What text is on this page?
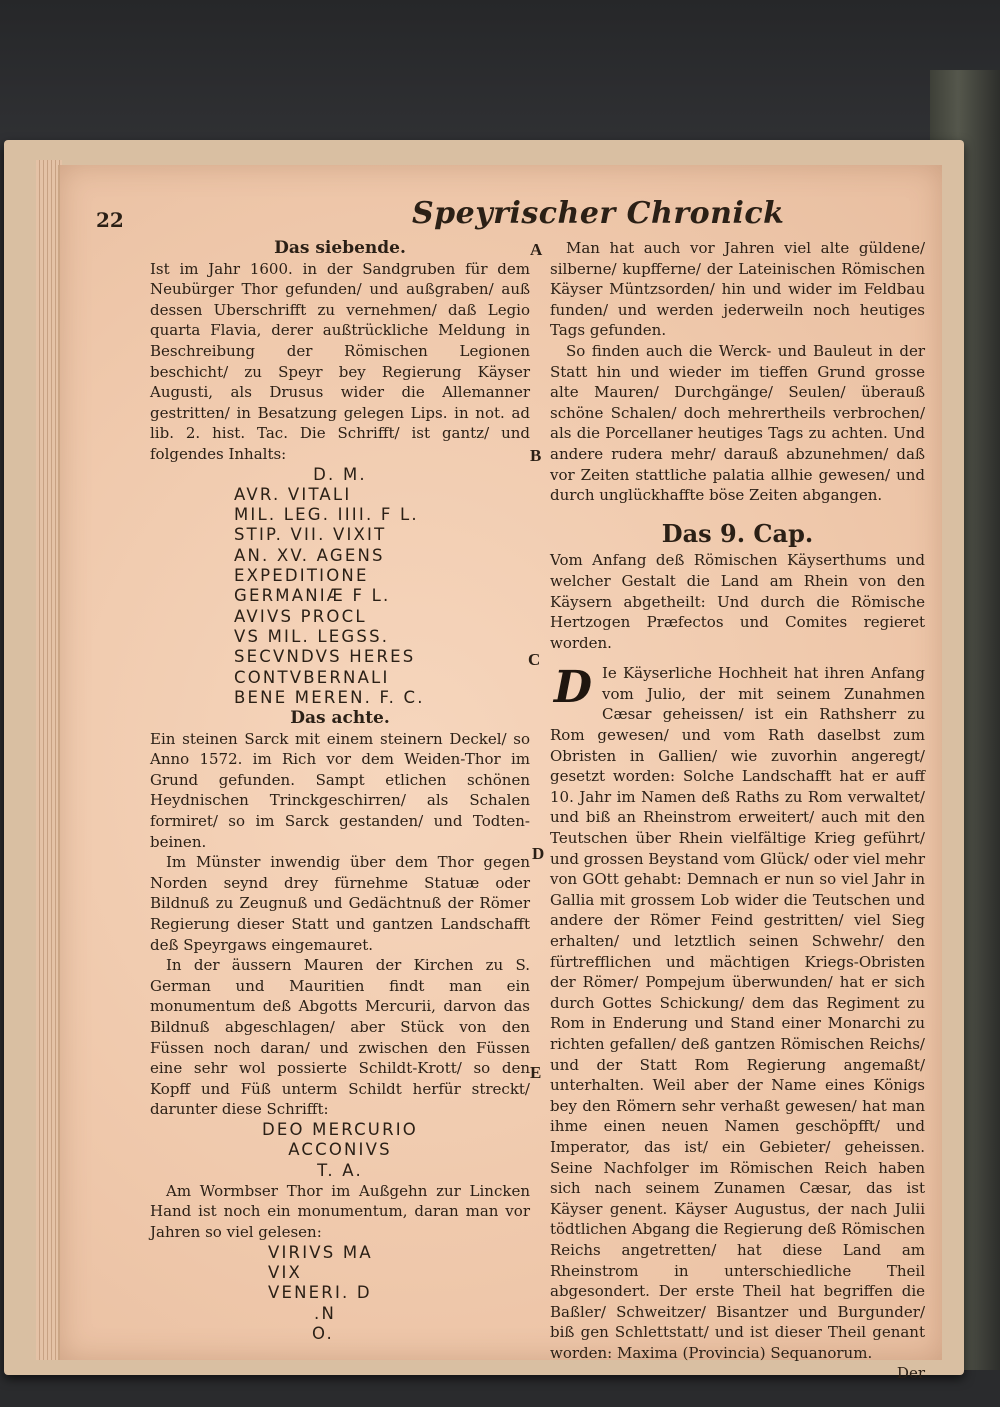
22	Speyrischer Chronick
A
B
C
D
E
Das siebende.

Ist im Jahr 1600. in der Sandgruben für dem Neubürger Thor gefunden/ und außgraben/ auß dessen Uberschrifft zu vernehmen/ daß Legio quarta Flavia, derer außtrückliche Meldung in Beschreibung der Römischen Legionen beschicht/ zu Speyr bey Regierung Käyser Augusti, als Drusus wider die Allemanner gestritten/ in Besatzung gelegen Lips. in not. ad lib. 2. hist. Tac. Die Schrifft/ ist gantz/ und folgendes Inhalts:

D. M.
AVR. VITALI
MIL. LEG. IIII. F L.
STIP. VII. VIXIT
AN. XV. AGENS
EXPEDITIONE
GERMANIÆ F L.
AVIVS PROCL
VS MIL. LEGSS.
SECVNDVS HERES
CONTVBERNALI
BENE MEREN. F. C.
Das achte.

Ein steinen Sarck mit einem steinern Deckel/ so Anno 1572. im Rich vor dem Weiden-Thor im Grund gefunden. Sampt etlichen schönen Heydnischen Trinckgeschirren/ als Schalen formiret/ so im Sarck gestanden/ und Todten-beinen.

Im Münster inwendig über dem Thor gegen Norden seynd drey fürnehme Statuæ oder Bildnuß zu Zeugnuß und Gedächtnuß der Römer Regierung dieser Statt und gantzen Landschafft deß Speyrgaws eingemauret.

In der äussern Mauren der Kirchen zu S. German und Mauritien findt man ein monumentum deß Abgotts Mercurii, darvon das Bildnuß abgeschlagen/ aber Stück von den Füssen noch daran/ und zwischen den Füssen eine sehr wol possierte Schildt-Krott/ so den Kopff und Füß unterm Schildt herfür streckt/ darunter diese Schrifft:

DEO MERCURIO
ACCONIVS
T. A.

Am Wormbser Thor im Außgehn zur Lincken Hand ist noch ein monumentum, daran man vor Jahren so viel gelesen:

VIRIVS MA
VIX
VENERI. D
.N
O.

Man hat auch vor Jahren viel alte güldene/ silberne/ kupfferne/ der Lateinischen Römischen Käyser Müntzsorden/ hin und wider im Feldbau funden/ und werden jederweiln noch heutiges Tags gefunden.

So finden auch die Werck- und Bauleut in der Statt hin und wieder im tieffen Grund grosse alte Mauren/ Durchgänge/ Seulen/ überauß schöne Schalen/ doch mehrertheils verbrochen/ als die Porcellaner heutiges Tags zu achten. Und andere rudera mehr/ darauß abzunehmen/ daß vor Zeiten stattliche palatia allhie gewesen/ und durch unglückhaffte böse Zeiten abgangen.

Das 9. Cap.

Vom Anfang deß Römischen Käyserthums und welcher Gestalt die Land am Rhein von den Käysern abgetheilt: Und durch die Römische Hertzogen Præfectos und Comites regieret worden.

D Ie Käyserliche Hochheit hat ihren Anfang vom Julio, der mit seinem Zunahmen Cæsar geheissen/ ist ein Rathsherr zu Rom gewesen/ und vom Rath daselbst zum Obristen in Gallien/ wie zuvorhin angeregt/ gesetzt worden: Solche Landschafft hat er auff 10. Jahr im Namen deß Raths zu Rom verwaltet/ und biß an Rheinstrom erweitert/ auch mit den Teutschen über Rhein vielfältige Krieg geführt/ und grossen Beystand vom Glück/ oder viel mehr von GOtt gehabt: Demnach er nun so viel Jahr in Gallia mit grossem Lob wider die Teutschen und andere der Römer Feind gestritten/ viel Sieg erhalten/ und letztlich seinen Schwehr/ den fürtrefflichen und mächtigen Kriegs-Obristen der Römer/ Pompejum überwunden/ hat er sich durch Gottes Schickung/ dem das Regiment zu Rom in Enderung und Stand einer Monarchi zu richten gefallen/ deß gantzen Römischen Reichs/ und der Statt Rom Regierung angemaßt/ unterhalten. Weil aber der Name eines Königs bey den Römern sehr verhaßt gewesen/ hat man ihme einen neuen Namen geschöpfft/ und Imperator, das ist/ ein Gebieter/ geheissen. Seine Nachfolger im Römischen Reich haben sich nach seinem Zunamen Cæsar, das ist Käyser genent. Käyser Augustus, der nach Julii tödtlichen Abgang die Regierung deß Römischen Reichs angetretten/ hat diese Land am Rheinstrom in unterschiedliche Theil abgesondert. Der erste Theil hat begriffen die Baßler/ Schweitzer/ Bisantzer und Burgunder/ biß gen Schlettstatt/ und ist dieser Theil genant worden: Maxima (Provincia) Sequanorum.

Der
